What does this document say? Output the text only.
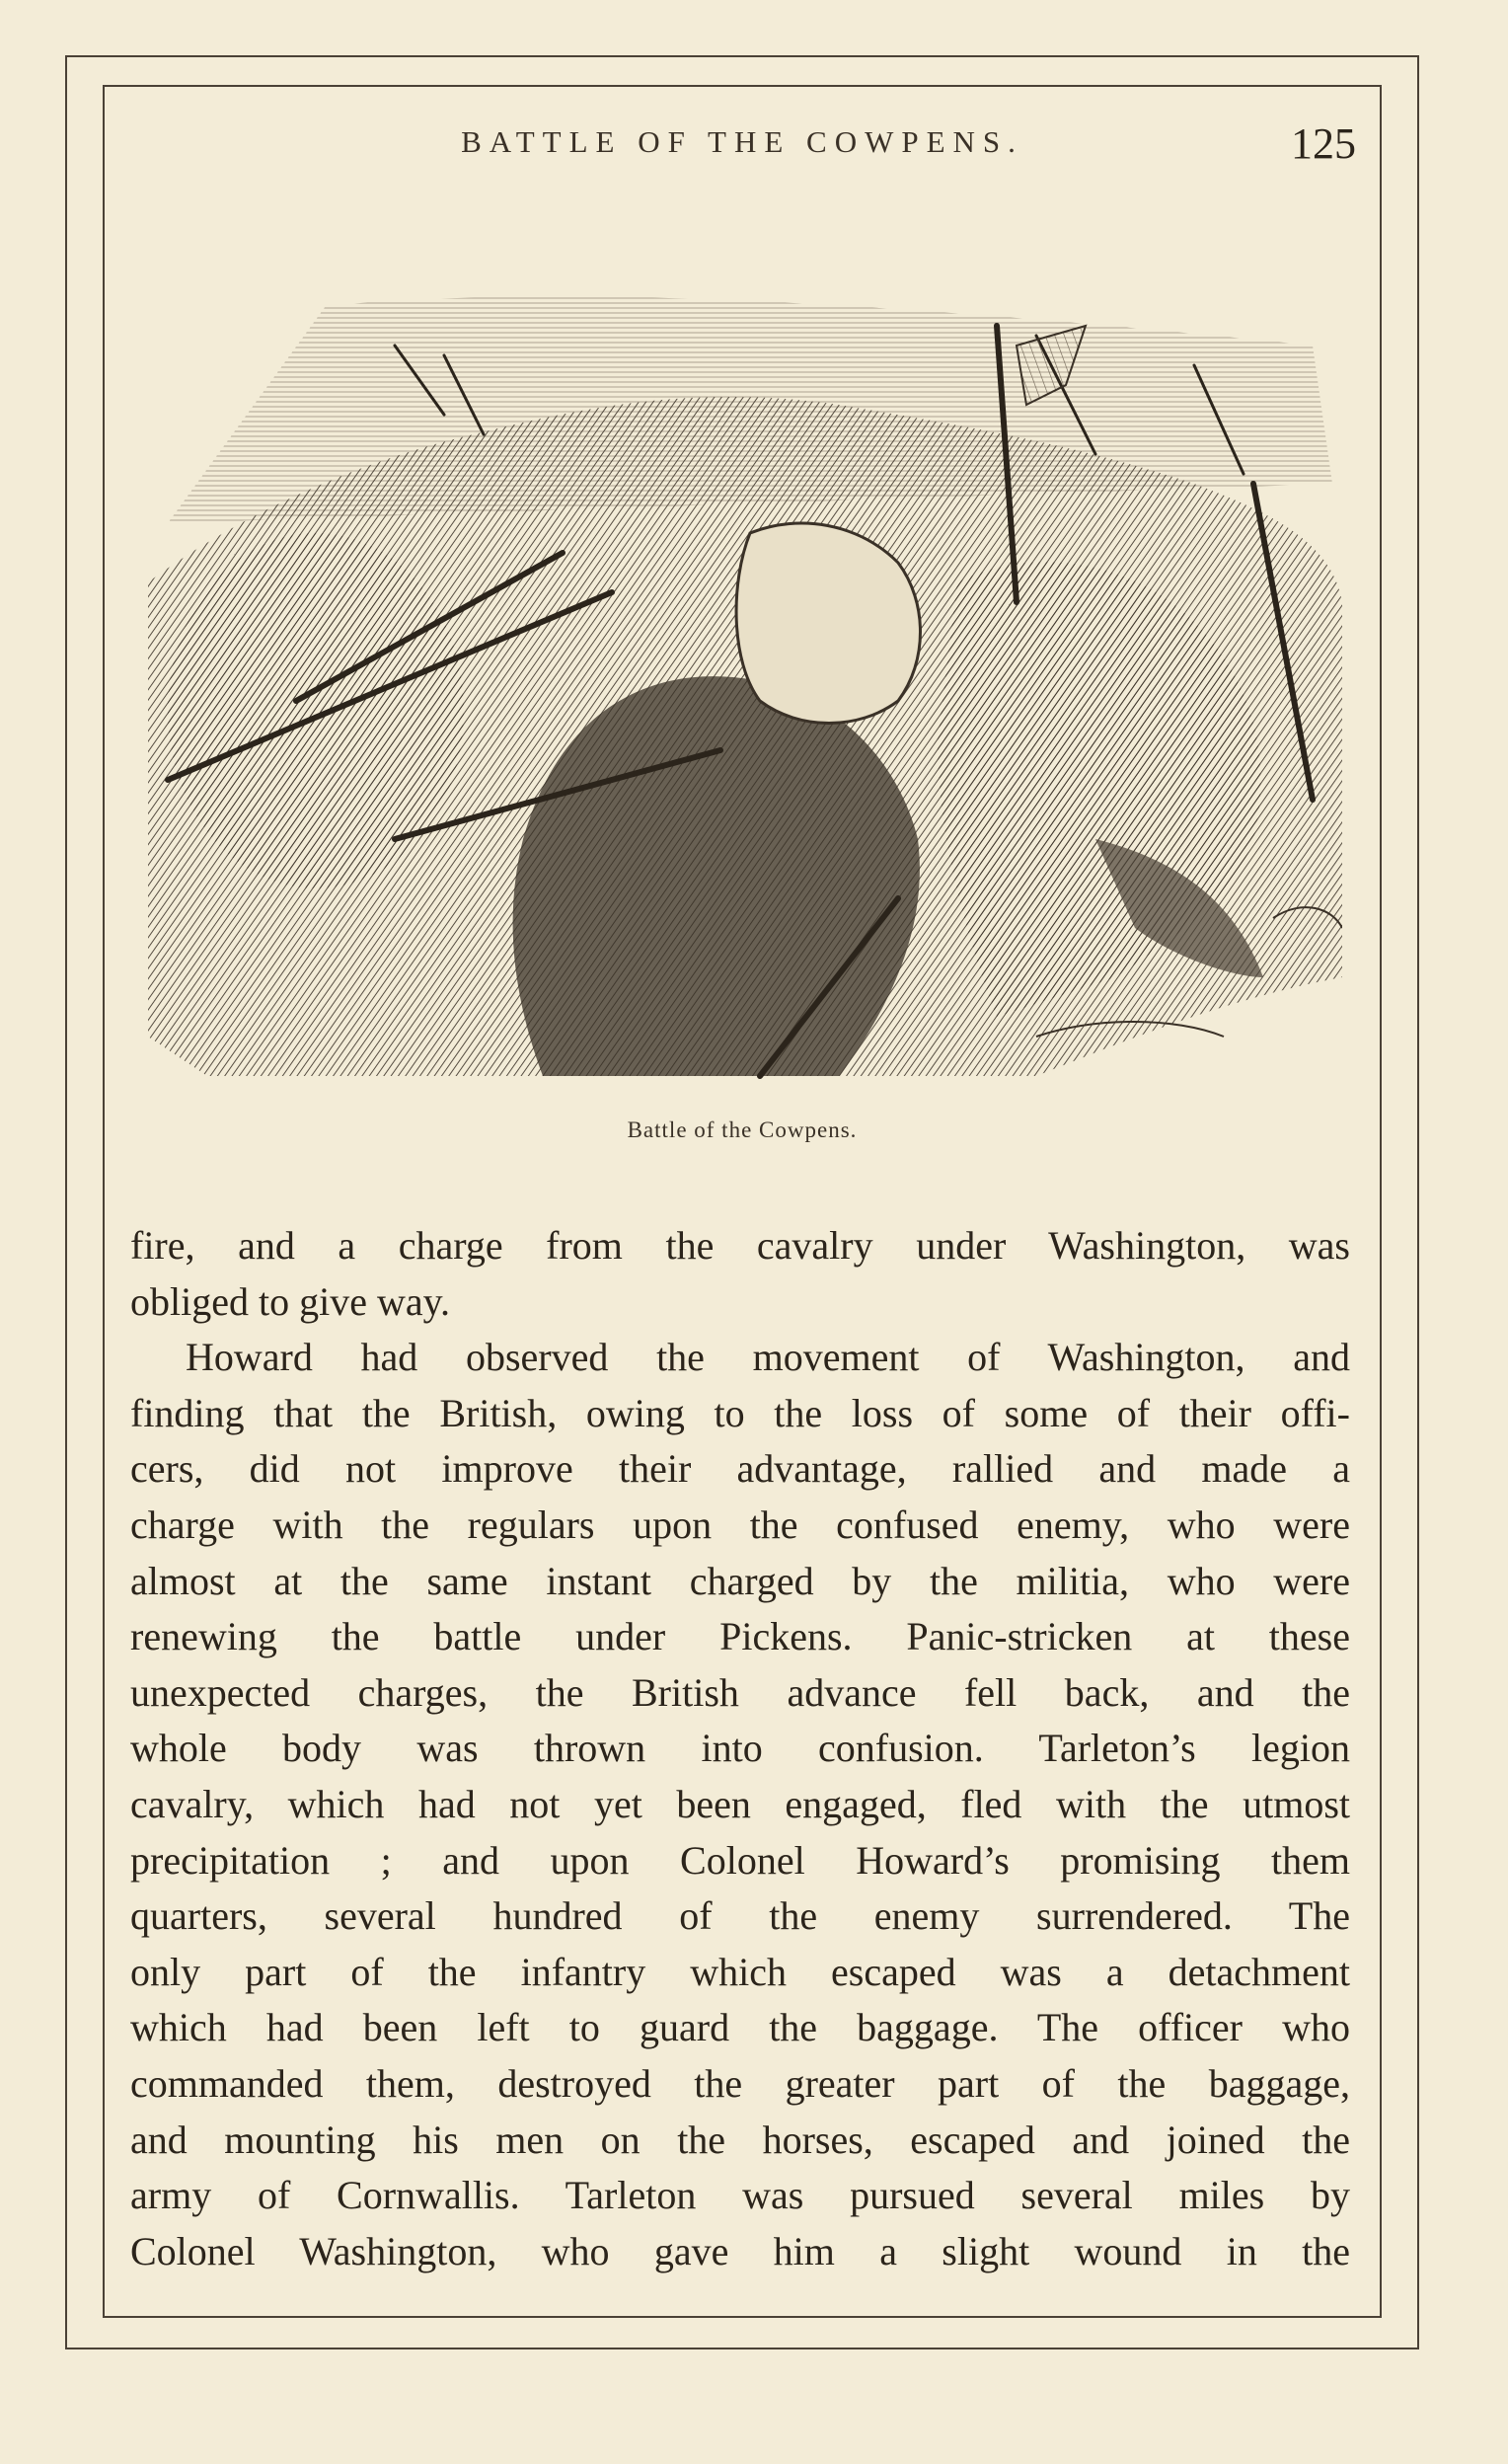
BATTLE OF THE COWPENS.	125
Battle of the Cowpens.
fire, and a charge from the cavalry under Washington, was
obliged to give way.
Howard had observed the movement of Washington, and
finding that the British, owing to the loss of some of their offi-
cers, did not improve their advantage, rallied and made a
charge with the regulars upon the confused enemy, who were
almost at the same instant charged by the militia, who were
renewing the battle under Pickens. Panic-stricken at these
unexpected charges, the British advance fell back, and the
whole body was thrown into confusion. Tarleton’s legion
cavalry, which had not yet been engaged, fled with the utmost
precipitation ; and upon Colonel Howard’s promising them
quarters, several hundred of the enemy surrendered. The
only part of the infantry which escaped was a detachment
which had been left to guard the baggage. The officer who
commanded them, destroyed the greater part of the baggage,
and mounting his men on the horses, escaped and joined the
army of Cornwallis. Tarleton was pursued several miles by
Colonel Washington, who gave him a slight wound in the
